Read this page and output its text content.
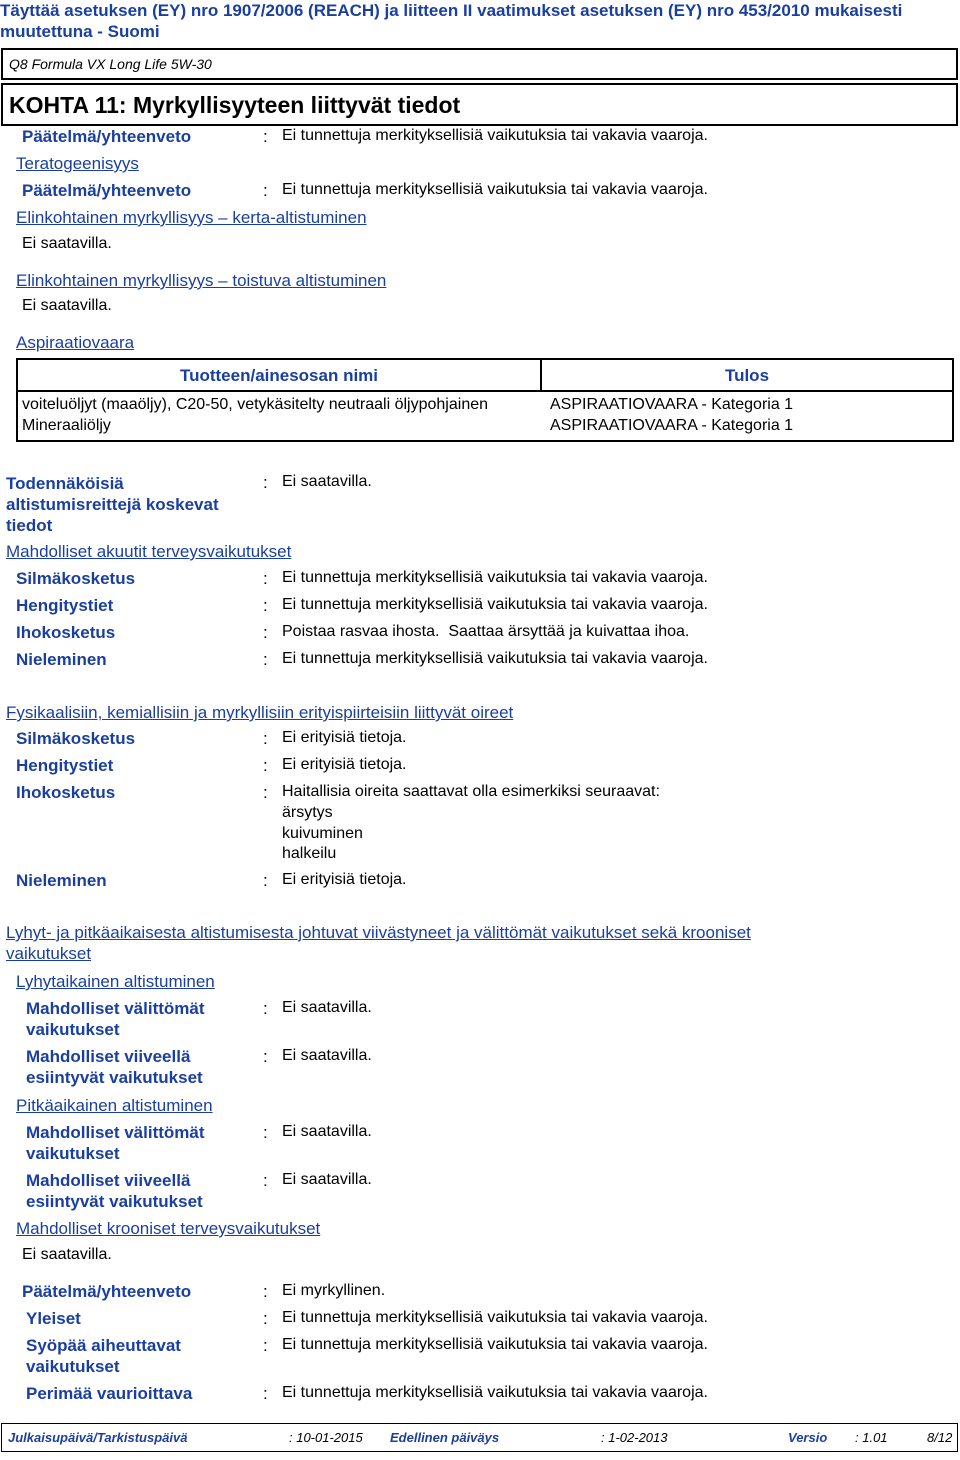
Täyttää asetuksen (EY) nro 1907/2006 (REACH) ja liitteen II vaatimukset asetuksen (EY) nro 453/2010 mukaisesti
muutettuna - Suomi
Q8 Formula VX Long Life 5W-30
KOHTA 11: Myrkyllisyyteen liittyvät tiedot
Päätelmä/yhteenveto	: Ei tunnettuja merkityksellisiä vaikutuksia tai vakavia vaaroja.
Teratogeenisyys
Päätelmä/yhteenveto	: Ei tunnettuja merkityksellisiä vaikutuksia tai vakavia vaaroja.
Elinkohtainen myrkyllisyys – kerta-altistuminen
Ei saatavilla.
Elinkohtainen myrkyllisyys – toistuva altistuminen
Ei saatavilla.
Aspiraatiovaara
Tuotteen/ainesosan nimi	Tulos
voiteluöljyt (maaöljy), C20-50, vetykäsitelty neutraali öljypohjainen	ASPIRAATIOVAARA - Kategoria 1
Mineraaliöljy	ASPIRAATIOVAARA - Kategoria 1
Todennäköisiä
altistumisreittejä koskevat
tiedot
: Ei saatavilla.
Mahdolliset akuutit terveysvaikutukset
Silmäkosketus	: Ei tunnettuja merkityksellisiä vaikutuksia tai vakavia vaaroja.
Hengitystiet	: Ei tunnettuja merkityksellisiä vaikutuksia tai vakavia vaaroja.
Ihokosketus	: Poistaa rasvaa ihosta.  Saattaa ärsyttää ja kuivattaa ihoa.
Nieleminen	: Ei tunnettuja merkityksellisiä vaikutuksia tai vakavia vaaroja.
Fysikaalisiin, kemiallisiin ja myrkyllisiin erityispiirteisiin liittyvät oireet
Silmäkosketus	: Ei erityisiä tietoja.
Hengitystiet	: Ei erityisiä tietoja.
Ihokosketus	: Haitallisia oireita saattavat olla esimerkiksi seuraavat:
ärsytys
kuivuminen
halkeilu
Nieleminen	: Ei erityisiä tietoja.
Lyhyt- ja pitkäaikaisesta altistumisesta johtuvat viivästyneet ja välittömät vaikutukset sekä krooniset
vaikutukset
Lyhytaikainen altistuminen
Mahdolliset välittömät
vaikutukset
: Ei saatavilla.
Mahdolliset viiveellä
esiintyvät vaikutukset
: Ei saatavilla.
Pitkäaikainen altistuminen
Mahdolliset välittömät
vaikutukset
: Ei saatavilla.
Mahdolliset viiveellä
esiintyvät vaikutukset
: Ei saatavilla.
Mahdolliset krooniset terveysvaikutukset
Ei saatavilla.
Päätelmä/yhteenveto	: Ei myrkyllinen.
Yleiset	: Ei tunnettuja merkityksellisiä vaikutuksia tai vakavia vaaroja.
Syöpää aiheuttavat
vaikutukset
: Ei tunnettuja merkityksellisiä vaikutuksia tai vakavia vaaroja.
Perimää vaurioittava	: Ei tunnettuja merkityksellisiä vaikutuksia tai vakavia vaaroja.
Julkaisupäivä/Tarkistuspäivä	: 10-01-2015 Edellinen päiväys	: 1-02-2013	Versio : 1.01	8/12
